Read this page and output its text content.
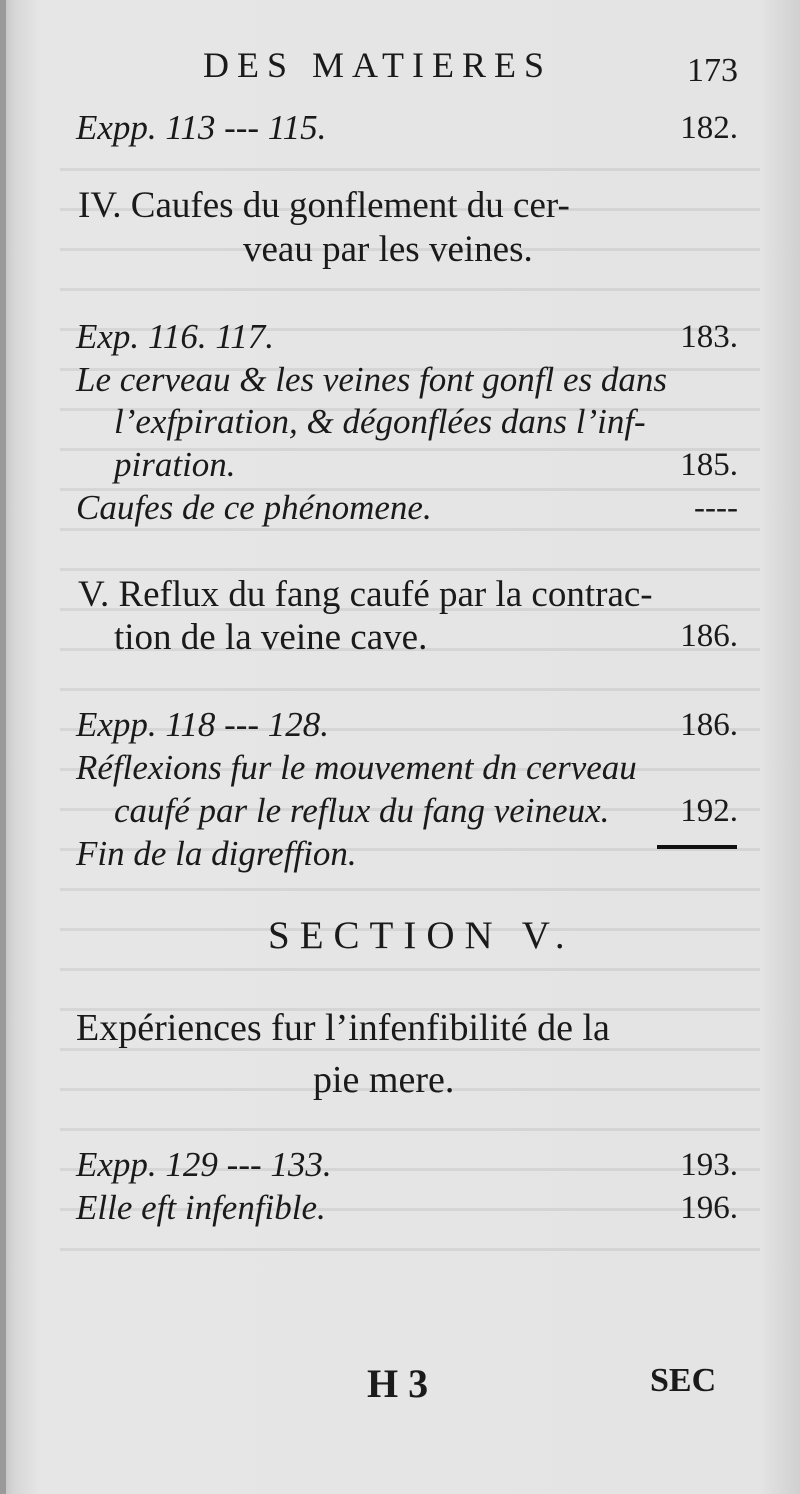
DES MATIERES	173
Expp. 113 --- 115.	182.
IV. Caufes du gonflement du cer-
veau par les veines.
Exp. 116. 117.	183.
Le cerveau & les veines font gonfl es dans
l’exfpiration, & dégonflées dans l’inf-
piration.	185.
Caufes de ce phénomene.	----
V. Reflux du fang caufé par la contrac-
tion de la veine cave.	186.
Expp. 118 --- 128.	186.
Réflexions fur le mouvement dn cerveau
caufé par le reflux du fang veineux. 192.
Fin de la digreffion.
SECTION V.
Expériences fur l’infenfibilité de la
pie mere.
Expp. 129 --- 133.	193.
Elle eft infenfible.	196.
H 3	SEC
